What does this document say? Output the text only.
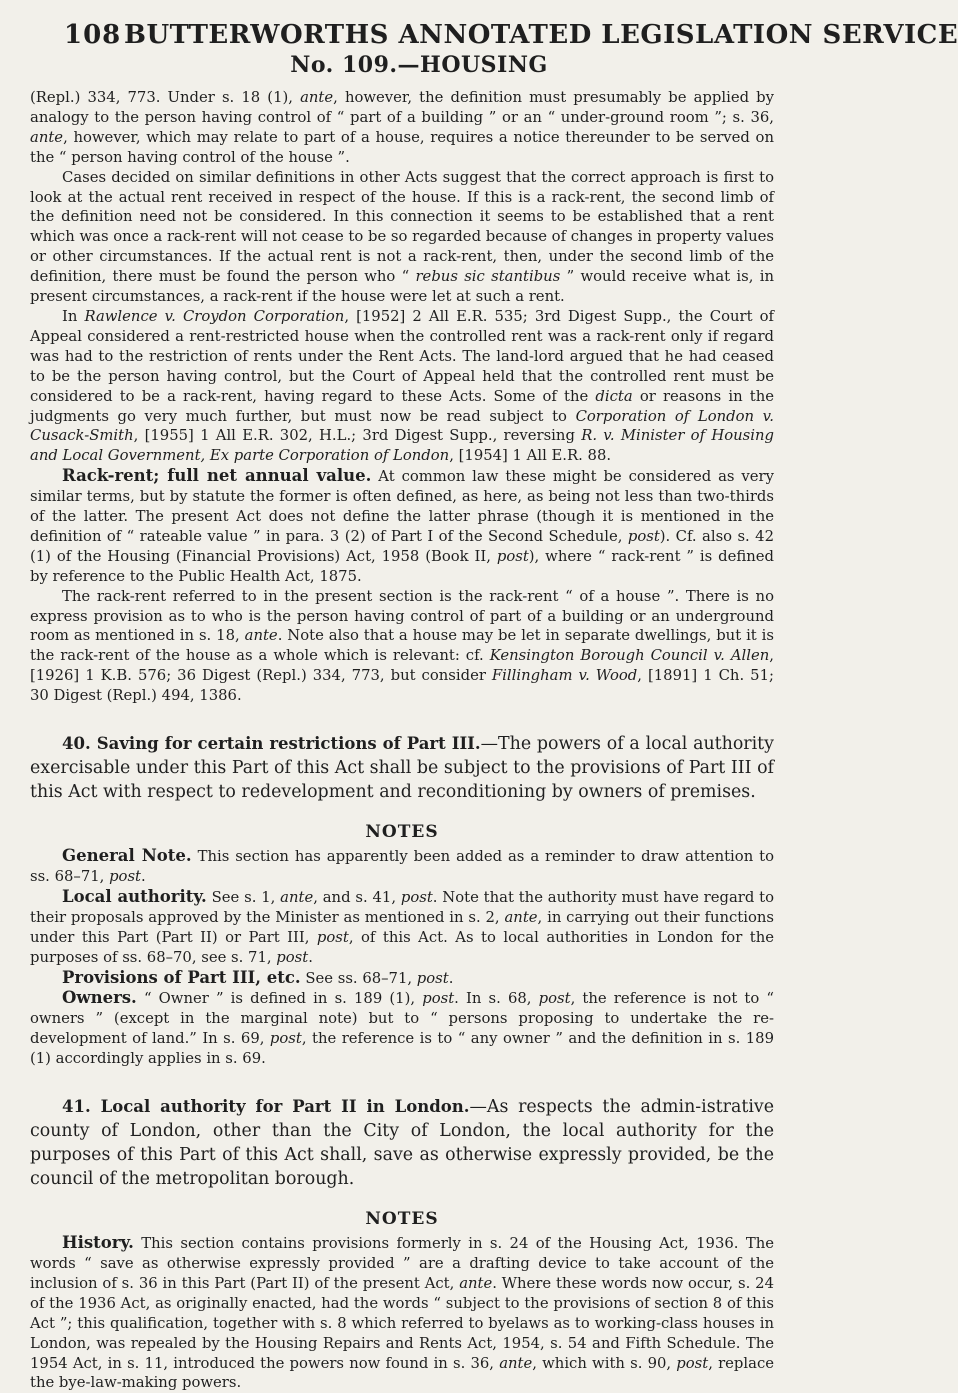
108 BUTTERWORTHS ANNOTATED LEGISLATION SERVICE
No. 109.—HOUSING

(Repl.) 334, 773. Under s. 18 (1), ante, however, the definition must presumably be applied by analogy to the person having control of “ part of a building ” or an “ under-ground room ”; s. 36, ante, however, which may relate to part of a house, requires a notice thereunder to be served on the “ person having control of the house ”.

Cases decided on similar definitions in other Acts suggest that the correct approach is first to look at the actual rent received in respect of the house. If this is a rack-rent, the second limb of the definition need not be considered. In this connection it seems to be established that a rent which was once a rack-rent will not cease to be so regarded because of changes in property values or other circumstances. If the actual rent is not a rack-rent, then, under the second limb of the definition, there must be found the person who “ rebus sic stantibus ” would receive what is, in present circumstances, a rack-rent if the house were let at such a rent.

In Rawlence v. Croydon Corporation, [1952] 2 All E.R. 535; 3rd Digest Supp., the Court of Appeal considered a rent-restricted house when the controlled rent was a rack-rent only if regard was had to the restriction of rents under the Rent Acts. The land-lord argued that he had ceased to be the person having control, but the Court of Appeal held that the controlled rent must be considered to be a rack-rent, having regard to these Acts. Some of the dicta or reasons in the judgments go very much further, but must now be read subject to Corporation of London v. Cusack-Smith, [1955] 1 All E.R. 302, H.L.; 3rd Digest Supp., reversing R. v. Minister of Housing and Local Government, Ex parte Corporation of London, [1954] 1 All E.R. 88.

Rack-rent; full net annual value. At common law these might be considered as very similar terms, but by statute the former is often defined, as here, as being not less than two-thirds of the latter. The present Act does not define the latter phrase (though it is mentioned in the definition of “ rateable value ” in para. 3 (2) of Part I of the Second Schedule, post). Cf. also s. 42 (1) of the Housing (Financial Provisions) Act, 1958 (Book II, post), where “ rack-rent ” is defined by reference to the Public Health Act, 1875.

The rack-rent referred to in the present section is the rack-rent “ of a house ”. There is no express provision as to who is the person having control of part of a building or an underground room as mentioned in s. 18, ante. Note also that a house may be let in separate dwellings, but it is the rack-rent of the house as a whole which is relevant: cf. Kensington Borough Council v. Allen, [1926] 1 K.B. 576; 36 Digest (Repl.) 334, 773, but consider Fillingham v. Wood, [1891] 1 Ch. 51; 30 Digest (Repl.) 494, 1386.

40. Saving for certain restrictions of Part III.—The powers of a local authority exercisable under this Part of this Act shall be subject to the provisions of Part III of this Act with respect to redevelopment and reconditioning by owners of premises.

NOTES

General Note. This section has apparently been added as a reminder to draw attention to ss. 68–71, post.

Local authority. See s. 1, ante, and s. 41, post. Note that the authority must have regard to their proposals approved by the Minister as mentioned in s. 2, ante, in carrying out their functions under this Part (Part II) or Part III, post, of this Act. As to local authorities in London for the purposes of ss. 68–70, see s. 71, post.

Provisions of Part III, etc. See ss. 68–71, post.

Owners. “ Owner ” is defined in s. 189 (1), post. In s. 68, post, the reference is not to “ owners ” (except in the marginal note) but to “ persons proposing to undertake the re-development of land.” In s. 69, post, the reference is to “ any owner ” and the definition in s. 189 (1) accordingly applies in s. 69.

41. Local authority for Part II in London.—As respects the admin-istrative county of London, other than the City of London, the local authority for the purposes of this Part of this Act shall, save as otherwise expressly provided, be the council of the metropolitan borough.

NOTES

History. This section contains provisions formerly in s. 24 of the Housing Act, 1936. The words “ save as otherwise expressly provided ” are a drafting device to take account of the inclusion of s. 36 in this Part (Part II) of the present Act, ante. Where these words now occur, s. 24 of the 1936 Act, as originally enacted, had the words “ subject to the provisions of section 8 of this Act ”; this qualification, together with s. 8 which referred to byelaws as to working-class houses in London, was repealed by the Housing Repairs and Rents Act, 1954, s. 54 and Fifth Schedule. The 1954 Act, in s. 11, introduced the powers now found in s. 36, ante, which with s. 90, post, replace the bye-law-making powers.
